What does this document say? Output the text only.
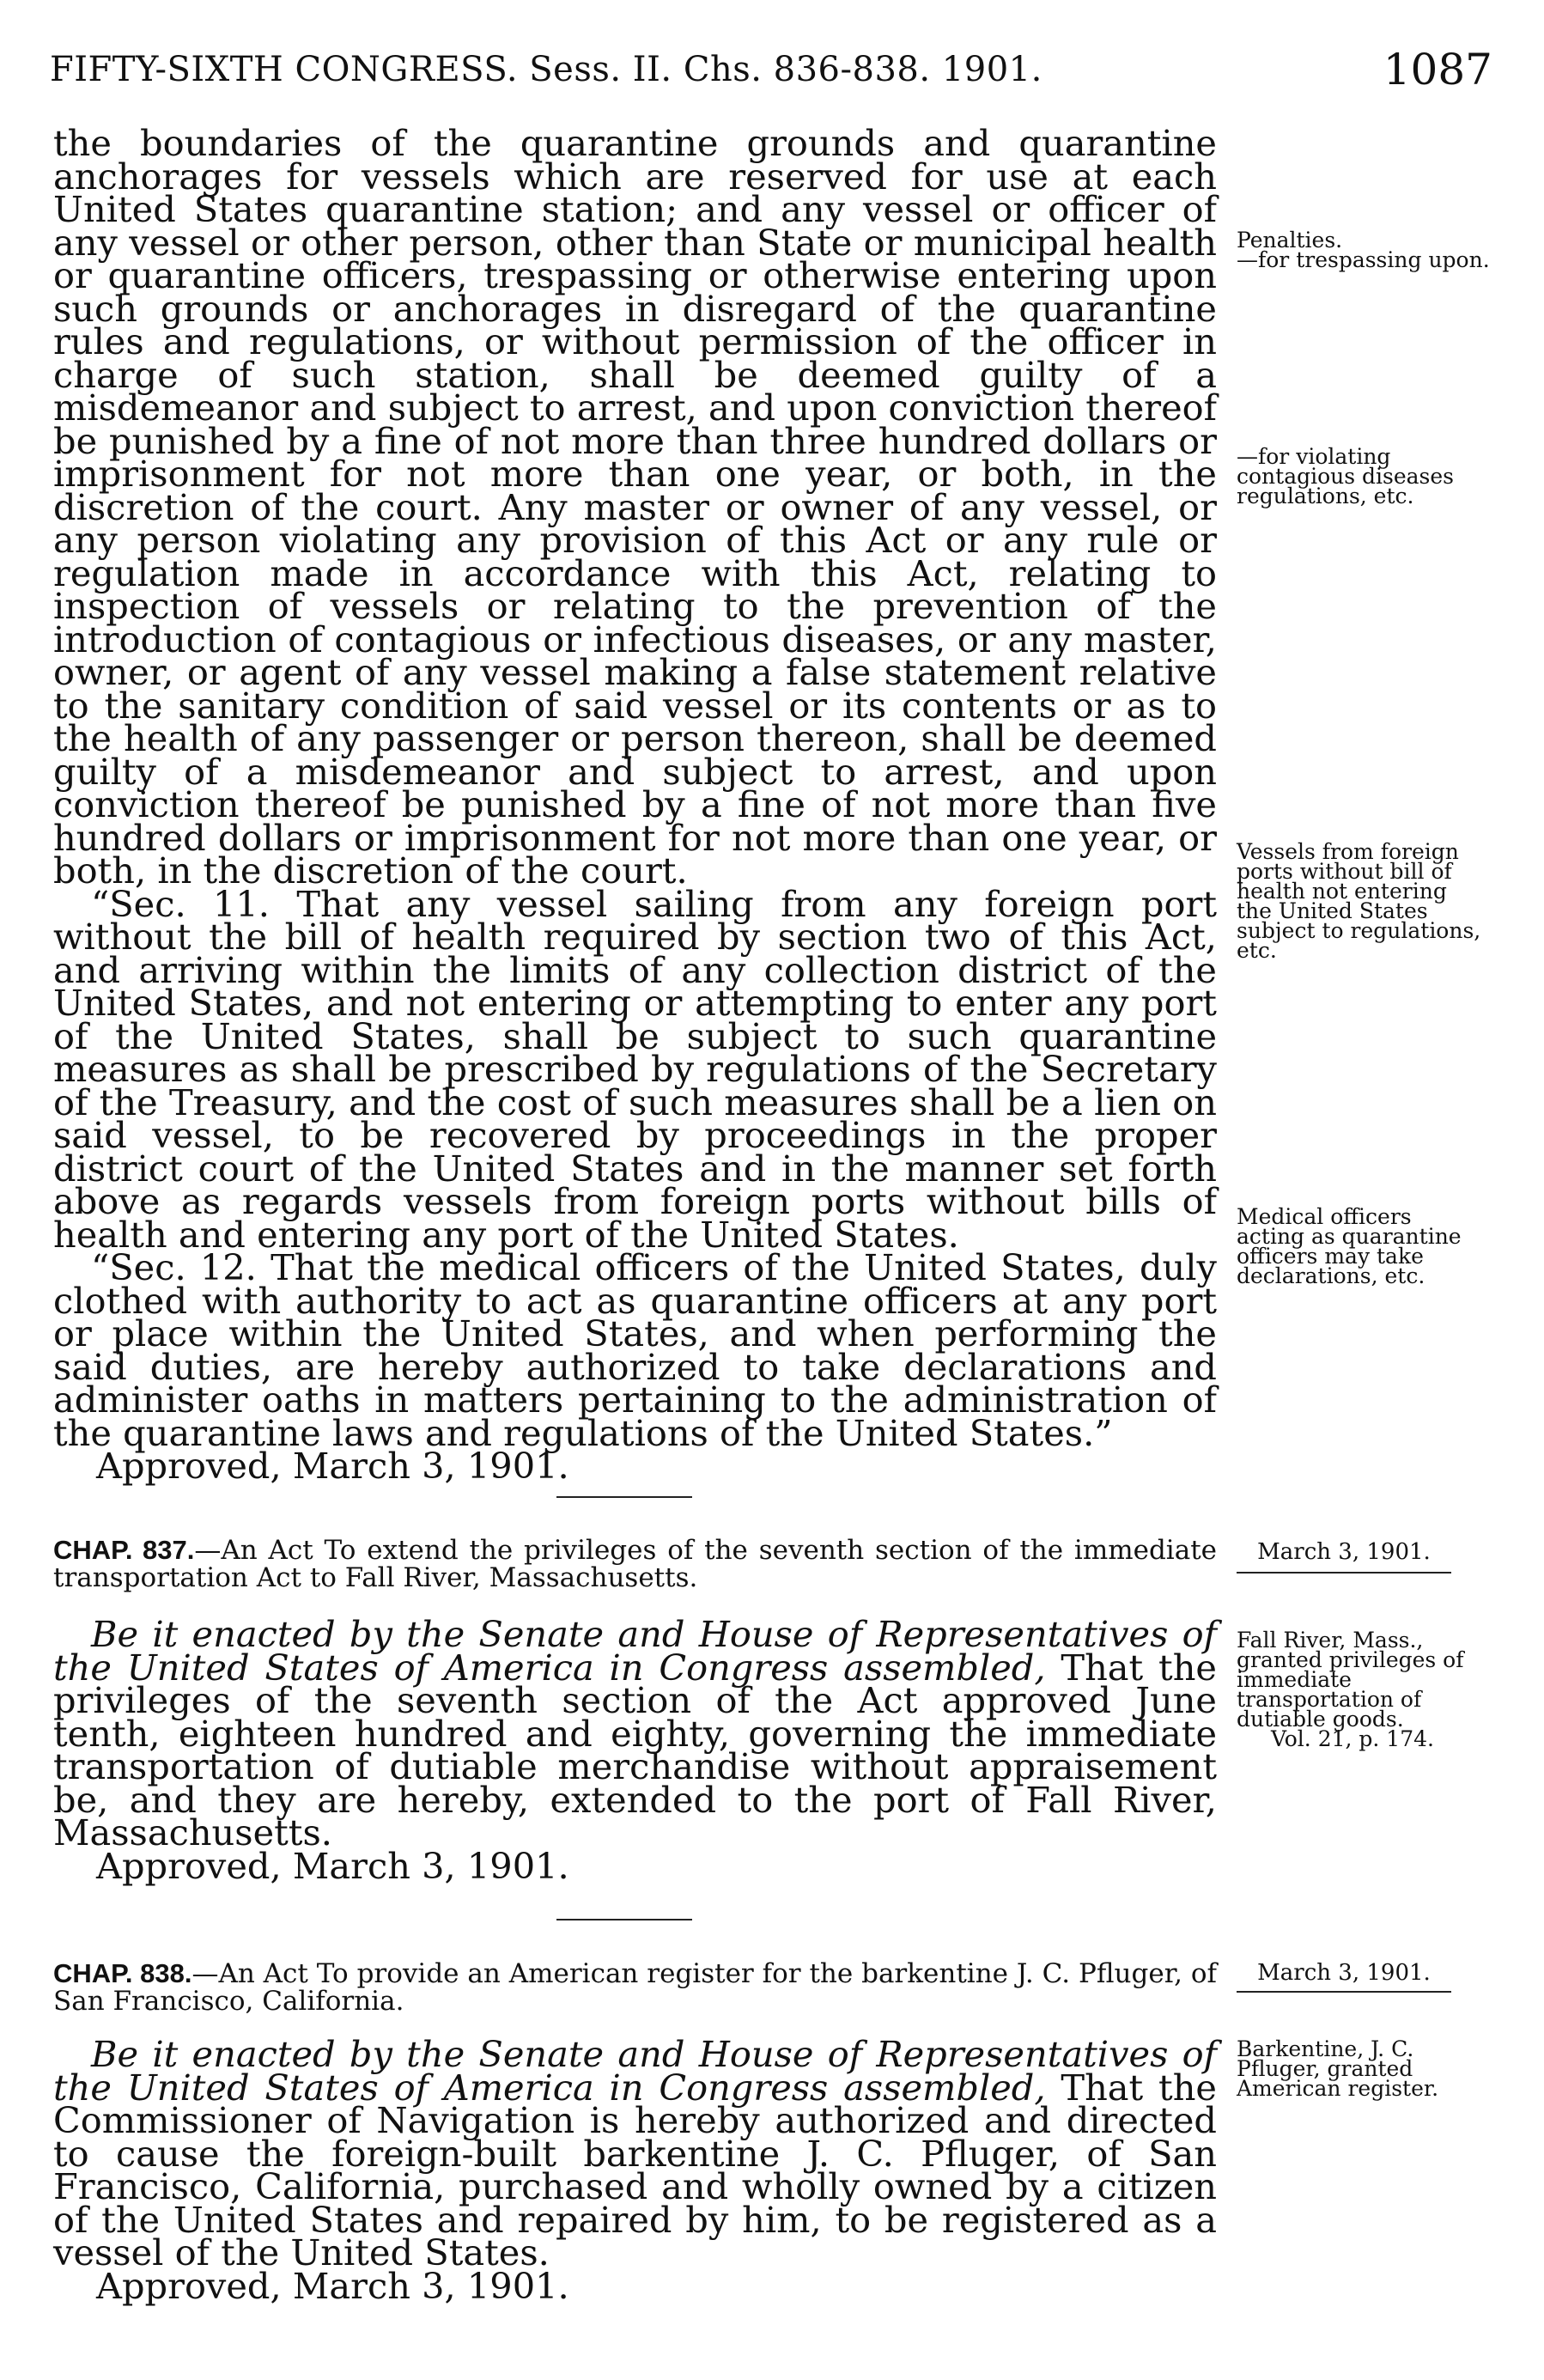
FIFTY-SIXTH CONGRESS. Sess. II. Chs. 836-838. 1901.	1087

the boundaries of the quarantine grounds and quarantine anchorages for vessels which are reserved for use at each United States quarantine station; and any vessel or officer of any vessel or other person, other than State or municipal health or quarantine officers, trespassing or otherwise entering upon such grounds or anchorages in disregard of the quarantine rules and regulations, or without permission of the officer in charge of such station, shall be deemed guilty of a misdemeanor and subject to arrest, and upon conviction thereof be punished by a fine of not more than three hundred dollars or imprisonment for not more than one year, or both, in the discretion of the court. Any master or owner of any vessel, or any person violating any provision of this Act or any rule or regulation made in accordance with this Act, relating to inspection of vessels or relating to the prevention of the introduction of contagious or infectious diseases, or any master, owner, or agent of any vessel making a false statement relative to the sanitary condition of said vessel or its contents or as to the health of any passenger or person thereon, shall be deemed guilty of a misdemeanor and subject to arrest, and upon conviction thereof be punished by a fine of not more than five hundred dollars or imprisonment for not more than one year, or both, in the discretion of the court.

“Sec. 11. That any vessel sailing from any foreign port without the bill of health required by section two of this Act, and arriving within the limits of any collection district of the United States, and not entering or attempting to enter any port of the United States, shall be subject to such quarantine measures as shall be prescribed by regulations of the Secretary of the Treasury, and the cost of such measures shall be a lien on said vessel, to be recovered by proceedings in the proper district court of the United States and in the manner set forth above as regards vessels from foreign ports without bills of health and entering any port of the United States.

“Sec. 12. That the medical officers of the United States, duly clothed with authority to act as quarantine officers at any port or place within the United States, and when performing the said duties, are hereby authorized to take declarations and administer oaths in matters pertaining to the administration of the quarantine laws and regulations of the United States.”

Approved, March 3, 1901.

CHAP. 837.—An Act To extend the privileges of the seventh section of the immediate transportation Act to Fall River, Massachusetts.

Be it enacted by the Senate and House of Representatives of the United States of America in Congress assembled, That the privileges of the seventh section of the Act approved June tenth, eighteen hundred and eighty, governing the immediate transportation of dutiable merchandise without appraisement be, and they are hereby, extended to the port of Fall River, Massachusetts.

Approved, March 3, 1901.

CHAP. 838.—An Act To provide an American register for the barkentine J. C. Pfluger, of San Francisco, California.

Be it enacted by the Senate and House of Representatives of the United States of America in Congress assembled, That the Commissioner of Navigation is hereby authorized and directed to cause the foreign-built barkentine J. C. Pfluger, of San Francisco, California, purchased and wholly owned by a citizen of the United States and repaired by him, to be registered as a vessel of the United States.

Approved, March 3, 1901.

Penalties.
—for trespassing upon.
—for violating contagious diseases regulations, etc.
Vessels from foreign ports without bill of health not entering the United States subject to regulations, etc.
Medical officers acting as quarantine officers may take declarations, etc.
March 3, 1901.
Fall River, Mass., granted privileges of immediate transportation of dutiable goods.
Vol. 21, p. 174.
March 3, 1901.
Barkentine, J. C. Pfluger, granted American register.
